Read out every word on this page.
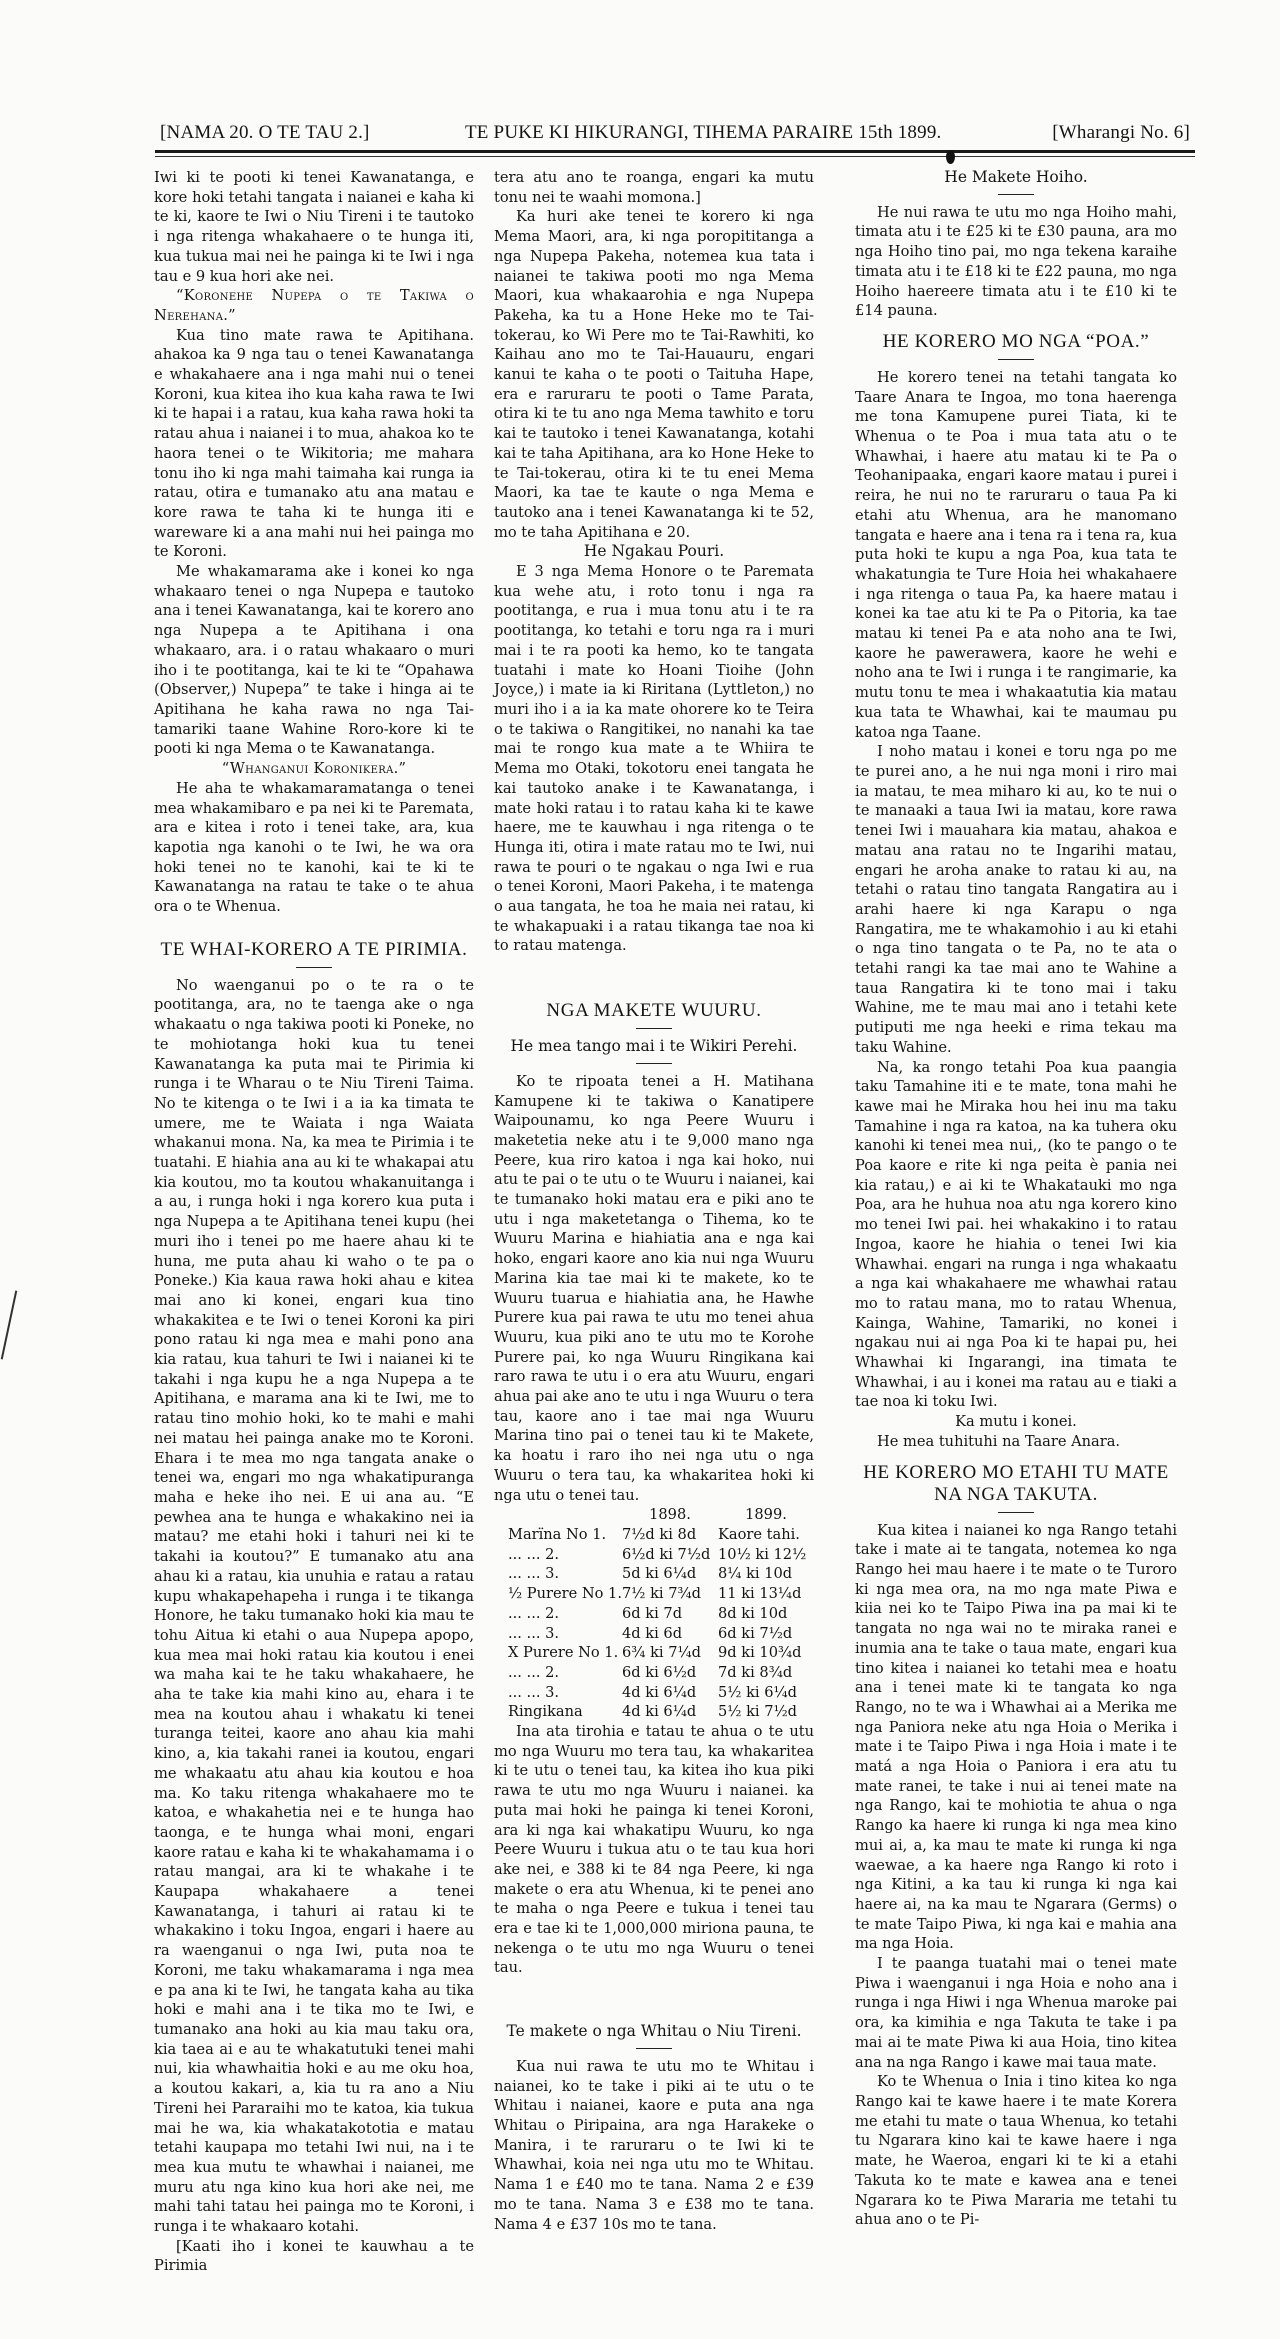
[NAMA 20. O TE TAU 2.]	TE PUKE KI HIKURANGI, TIHEMA PARAIRE 15th 1899.	[Wharangi No. 6]

Iwi ki te pooti ki tenei Kawanatanga, e kore hoki tetahi tangata i naianei e kaha ki te ki, kaore te Iwi o Niu Tireni i te tautoko i nga ritenga whakahaere o te hunga iti, kua tukua mai nei he painga ki te Iwi i nga tau e 9 kua hori ake nei.

“Koronehe Nupepa o te Takiwa o Nerehana.”

Kua tino mate rawa te Apitihana. ahakoa ka 9 nga tau o tenei Kawanatanga e whakahaere ana i nga mahi nui o tenei Koroni, kua kitea iho kua kaha rawa te Iwi ki te hapai i a ratau, kua kaha rawa hoki ta ratau ahua i naianei i to mua, ahakoa ko te haora tenei o te Wikitoria; me mahara tonu iho ki nga mahi taimaha kai runga ia ratau, otira e tumanako atu ana matau e kore rawa te taha ki te hunga iti e wareware ki a ana mahi nui hei painga mo te Koroni.

Me whakamarama ake i konei ko nga whakaaro tenei o nga Nupepa e tautoko ana i tenei Kawanatanga, kai te korero ano nga Nupepa a te Apitihana i ona whakaaro, ara. i o ratau whakaaro o muri iho i te pootitanga, kai te ki te “Opahawa (Observer,) Nupepa” te take i hinga ai te Apitihana he kaha rawa no nga Tai-tamariki taane Wahine Roro-kore ki te pooti ki nga Mema o te Kawanatanga.

“Whanganui Koronikera.”

He aha te whakamaramatanga o tenei mea whakamibaro e pa nei ki te Paremata, ara e kitea i roto i tenei take, ara, kua kapotia nga kanohi o te Iwi, he wa ora hoki tenei no te kanohi, kai te ki te Kawanatanga na ratau te take o te ahua ora o te Whenua.

TE WHAI-KORERO A TE PIRIMIA.

No waenganui po o te ra o te pootitanga, ara, no te taenga ake o nga whakaatu o nga takiwa pooti ki Poneke, no te mohiotanga hoki kua tu tenei Kawanatanga ka puta mai te Pirimia ki runga i te Wharau o te Niu Tireni Taima. No te kitenga o te Iwi i a ia ka timata te umere, me te Waiata i nga Waiata whakanui mona. Na, ka mea te Pirimia i te tuatahi. E hiahia ana au ki te whakapai atu kia koutou, mo ta koutou whakanuitanga i a au, i runga hoki i nga korero kua puta i nga Nupepa a te Apitihana tenei kupu (hei muri iho i tenei po me haere ahau ki te huna, me puta ahau ki waho o te pa o Poneke.) Kia kaua rawa hoki ahau e kitea mai ano ki konei, engari kua tino whakakitea e te Iwi o tenei Koroni ka piri pono ratau ki nga mea e mahi pono ana kia ratau, kua tahuri te Iwi i naianei ki te takahi i nga kupu he a nga Nupepa a te Apitihana, e marama ana ki te Iwi, me to ratau tino mohio hoki, ko te mahi e mahi nei matau hei painga anake mo te Koroni. Ehara i te mea mo nga tangata anake o tenei wa, engari mo nga whakatipuranga maha e heke iho nei. E ui ana au. “E pewhea ana te hunga e whakakino nei ia matau? me etahi hoki i tahuri nei ki te takahi ia koutou?” E tumanako atu ana ahau ki a ratau, kia unuhia e ratau a ratau kupu whakapehapeha i runga i te tikanga Honore, he taku tumanako hoki kia mau te tohu Aitua ki etahi o aua Nupepa apopo, kua mea mai hoki ratau kia koutou i enei wa maha kai te he taku whakahaere, he aha te take kia mahi kino au, ehara i te mea na koutou ahau i whakatu ki tenei turanga teitei, kaore ano ahau kia mahi kino, a, kia takahi ranei ia koutou, engari me whakaatu atu ahau kia koutou e hoa ma. Ko taku ritenga whakahaere mo te katoa, e whakahetia nei e te hunga hao taonga, e te hunga whai moni, engari kaore ratau e kaha ki te whakahamama i o ratau mangai, ara ki te whakahe i te Kaupapa whakahaere a tenei Kawanatanga, i tahuri ai ratau ki te whakakino i toku Ingoa, engari i haere au ra waenganui o nga Iwi, puta noa te Koroni, me taku whakamarama i nga mea e pa ana ki te Iwi, he tangata kaha au tika hoki e mahi ana i te tika mo te Iwi, e tumanako ana hoki au kia mau taku ora, kia taea ai e au te whakatutuki tenei mahi nui, kia whawhaitia hoki e au me oku hoa, a koutou kakari, a, kia tu ra ano a Niu Tireni hei Pararaihi mo te katoa, kia tukua mai he wa, kia whakatakototia e matau tetahi kaupapa mo tetahi Iwi nui, na i te mea kua mutu te whawhai i naianei, me muru atu nga kino kua hori ake nei, me mahi tahi tatau hei painga mo te Koroni, i runga i te whakaaro kotahi.

[Kaati iho i konei te kauwhau a te Pirimia

tera atu ano te roanga, engari ka mutu tonu nei te waahi momona.]

Ka huri ake tenei te korero ki nga Mema Maori, ara, ki nga poropititanga a nga Nupepa Pakeha, notemea kua tata i naianei te takiwa pooti mo nga Mema Maori, kua whakaarohia e nga Nupepa Pakeha, ka tu a Hone Heke mo te Tai-tokerau, ko Wi Pere mo te Tai-Rawhiti, ko Kaihau ano mo te Tai-Hauauru, engari kanui te kaha o te pooti o Taituha Hape, era e raruraru te pooti o Tame Parata, otira ki te tu ano nga Mema tawhito e toru kai te tautoko i tenei Kawanatanga, kotahi kai te taha Apitihana, ara ko Hone Heke to te Tai-tokerau, otira ki te tu enei Mema Maori, ka tae te kaute o nga Mema e tautoko ana i tenei Kawanatanga ki te 52, mo te taha Apitihana e 20.

He Ngakau Pouri.

E 3 nga Mema Honore o te Paremata kua wehe atu, i roto tonu i nga ra pootitanga, e rua i mua tonu atu i te ra pootitanga, ko tetahi e toru nga ra i muri mai i te ra pooti ka hemo, ko te tangata tuatahi i mate ko Hoani Tioihe (John Joyce,) i mate ia ki Riritana (Lyttleton,) no muri iho i a ia ka mate ohorere ko te Teira o te takiwa o Rangitikei, no nanahi ka tae mai te rongo kua mate a te Whiira te Mema mo Otaki, tokotoru enei tangata he kai tautoko anake i te Kawanatanga, i mate hoki ratau i to ratau kaha ki te kawe haere, me te kauwhau i nga ritenga o te Hunga iti, otira i mate ratau mo te Iwi, nui rawa te pouri o te ngakau o nga Iwi e rua o tenei Koroni, Maori Pakeha, i te matenga o aua tangata, he toa he maia nei ratau, ki te whakapuaki i a ratau tikanga tae noa ki to ratau matenga.

NGA MAKETE WUURU.
He mea tango mai i te Wikiri Perehi.

Ko te ripoata tenei a H. Matihana Kamupene ki te takiwa o Kanatipere Waipounamu, ko nga Peere Wuuru i maketetia neke atu i te 9,000 mano nga Peere, kua riro katoa i nga kai hoko, nui atu te pai o te utu o te Wuuru i naianei, kai te tumanako hoki matau era e piki ano te utu i nga maketetanga o Tihema, ko te Wuuru Marina e hiahiatia ana e nga kai hoko, engari kaore ano kia nui nga Wuuru Marina kia tae mai ki te makete, ko te Wuuru tuarua e hiahiatia ana, he Hawhe Purere kua pai rawa te utu mo tenei ahua Wuuru, kua piki ano te utu mo te Korohe Purere pai, ko nga Wuuru Ringikana kai raro rawa te utu i o era atu Wuuru, engari ahua pai ake ano te utu i nga Wuuru o tera tau, kaore ano i tae mai nga Wuuru Marina tino pai o tenei tau ki te Makete, ka hoatu i raro iho nei nga utu o nga Wuuru o tera tau, ka whakaritea hoki ki nga utu o tenei tau.

	1898.	1899.
Marïna No 1.	7½d ki 8d	Kaore tahi.
... ... 2.	6½d ki 7½d	10½ ki 12½
... ... 3.	5d ki 6¼d	8¼ ki 10d
½ Purere No 1.	7½ ki 7¾d	11 ki 13¼d
... ... 2.	6d ki 7d	8d ki 10d
... ... 3.	4d ki 6d	6d ki 7½d
X Purere No 1.	6¾ ki 7¼d	9d ki 10¾d
... ... 2.	6d ki 6½d	7d ki 8¾d
... ... 3.	4d ki 6¼d	5½ ki 6¼d
Ringikana	4d ki 6¼d	5½ ki 7½d

Ina ata tirohia e tatau te ahua o te utu mo nga Wuuru mo tera tau, ka whakaritea ki te utu o tenei tau, ka kitea iho kua piki rawa te utu mo nga Wuuru i naianei. ka puta mai hoki he painga ki tenei Koroni, ara ki nga kai whakatipu Wuuru, ko nga Peere Wuuru i tukua atu o te tau kua hori ake nei, e 388 ki te 84 nga Peere, ki nga makete o era atu Whenua, ki te penei ano te maha o nga Peere e tukua i tenei tau era e tae ki te 1,000,000 miriona pauna, te nekenga o te utu mo nga Wuuru o tenei tau.

Te makete o nga Whitau o Niu Tireni.

Kua nui rawa te utu mo te Whitau i naianei, ko te take i piki ai te utu o te Whitau i naianei, kaore e puta ana nga Whitau o Piripaina, ara nga Harakeke o Manira, i te raruraru o te Iwi ki te Whawhai, koia nei nga utu mo te Whitau. Nama 1 e £40 mo te tana. Nama 2 e £39 mo te tana. Nama 3 e £38 mo te tana. Nama 4 e £37 10s mo te tana.

He Makete Hoiho.

He nui rawa te utu mo nga Hoiho mahi, timata atu i te £25 ki te £30 pauna, ara mo nga Hoiho tino pai, mo nga tekena karaihe timata atu i te £18 ki te £22 pauna, mo nga Hoiho haereere timata atu i te £10 ki te £14 pauna.

HE KORERO MO NGA “POA.”

He korero tenei na tetahi tangata ko Taare Anara te Ingoa, mo tona haerenga me tona Kamupene purei Tiata, ki te Whenua o te Poa i mua tata atu o te Whawhai, i haere atu matau ki te Pa o Teohanipaaka, engari kaore matau i purei i reira, he nui no te raruraru o taua Pa ki etahi atu Whenua, ara he manomano tangata e haere ana i tena ra i tena ra, kua puta hoki te kupu a nga Poa, kua tata te whakatungia te Ture Hoia hei whakahaere i nga ritenga o taua Pa, ka haere matau i konei ka tae atu ki te Pa o Pitoria, ka tae matau ki tenei Pa e ata noho ana te Iwi, kaore he pawerawera, kaore he wehi e noho ana te Iwi i runga i te rangimarie, ka mutu tonu te mea i whakaatutia kia matau kua tata te Whawhai, kai te maumau pu katoa nga Taane.

I noho matau i konei e toru nga po me te purei ano, a he nui nga moni i riro mai ia matau, te mea miharo ki au, ko te nui o te manaaki a taua Iwi ia matau, kore rawa tenei Iwi i mauahara kia matau, ahakoa e matau ana ratau no te Ingarihi matau, engari he aroha anake to ratau ki au, na tetahi o ratau tino tangata Rangatira au i arahi haere ki nga Karapu o nga Rangatira, me te whakamohio i au ki etahi o nga tino tangata o te Pa, no te ata o tetahi rangi ka tae mai ano te Wahine a taua Rangatira ki te tono mai i taku Wahine, me te mau mai ano i tetahi kete putiputi me nga heeki e rima tekau ma taku Wahine.

Na, ka rongo tetahi Poa kua paangia taku Tamahine iti e te mate, tona mahi he kawe mai he Miraka hou hei inu ma taku Tamahine i nga ra katoa, na ka tuhera oku kanohi ki tenei mea nui,, (ko te pango o te Poa kaore e rite ki nga peita è pania nei kia ratau,) e ai ki te Whakatauki mo nga Poa, ara he huhua noa atu nga korero kino mo tenei Iwi pai. hei whakakino i to ratau Ingoa, kaore he hiahia o tenei Iwi kia Whawhai. engari na runga i nga whakaatu a nga kai whakahaere me whawhai ratau mo to ratau mana, mo to ratau Whenua, Kainga, Wahine, Tamariki, no konei i ngakau nui ai nga Poa ki te hapai pu, hei Whawhai ki Ingarangi, ina timata te Whawhai, i au i konei ma ratau au e tiaki a tae noa ki toku Iwi.

Ka mutu i konei.

He mea tuhituhi na Taare Anara.

HE KORERO MO ETAHI TU MATE NA NGA TAKUTA.

Kua kitea i naianei ko nga Rango tetahi take i mate ai te tangata, notemea ko nga Rango hei mau haere i te mate o te Turoro ki nga mea ora, na mo nga mate Piwa e kiia nei ko te Taipo Piwa ina pa mai ki te tangata no nga wai no te miraka ranei e inumia ana te take o taua mate, engari kua tino kitea i naianei ko tetahi mea e hoatu ana i tenei mate ki te tangata ko nga Rango, no te wa i Whawhai ai a Merika me nga Paniora neke atu nga Hoia o Merika i mate i te Taipo Piwa i nga Hoia i mate i te matá a nga Hoia o Paniora i era atu tu mate ranei, te take i nui ai tenei mate na nga Rango, kai te mohiotia te ahua o nga Rango ka haere ki runga ki nga mea kino mui ai, a, ka mau te mate ki runga ki nga waewae, a ka haere nga Rango ki roto i nga Kitini, a ka tau ki runga ki nga kai haere ai, na ka mau te Ngarara (Germs) o te mate Taipo Piwa, ki nga kai e mahia ana ma nga Hoia.

I te paanga tuatahi mai o tenei mate Piwa i waenganui i nga Hoia e noho ana i runga i nga Hiwi i nga Whenua maroke pai ora, ka kimihia e nga Takuta te take i pa mai ai te mate Piwa ki aua Hoia, tino kitea ana na nga Rango i kawe mai taua mate.

Ko te Whenua o Inia i tino kitea ko nga Rango kai te kawe haere i te mate Korera me etahi tu mate o taua Whenua, ko tetahi tu Ngarara kino kai te kawe haere i nga mate, he Waeroa, engari ki te ki a etahi Takuta ko te mate e kawea ana e tenei Ngarara ko te Piwa Mararia me tetahi tu ahua ano o te Pi-
